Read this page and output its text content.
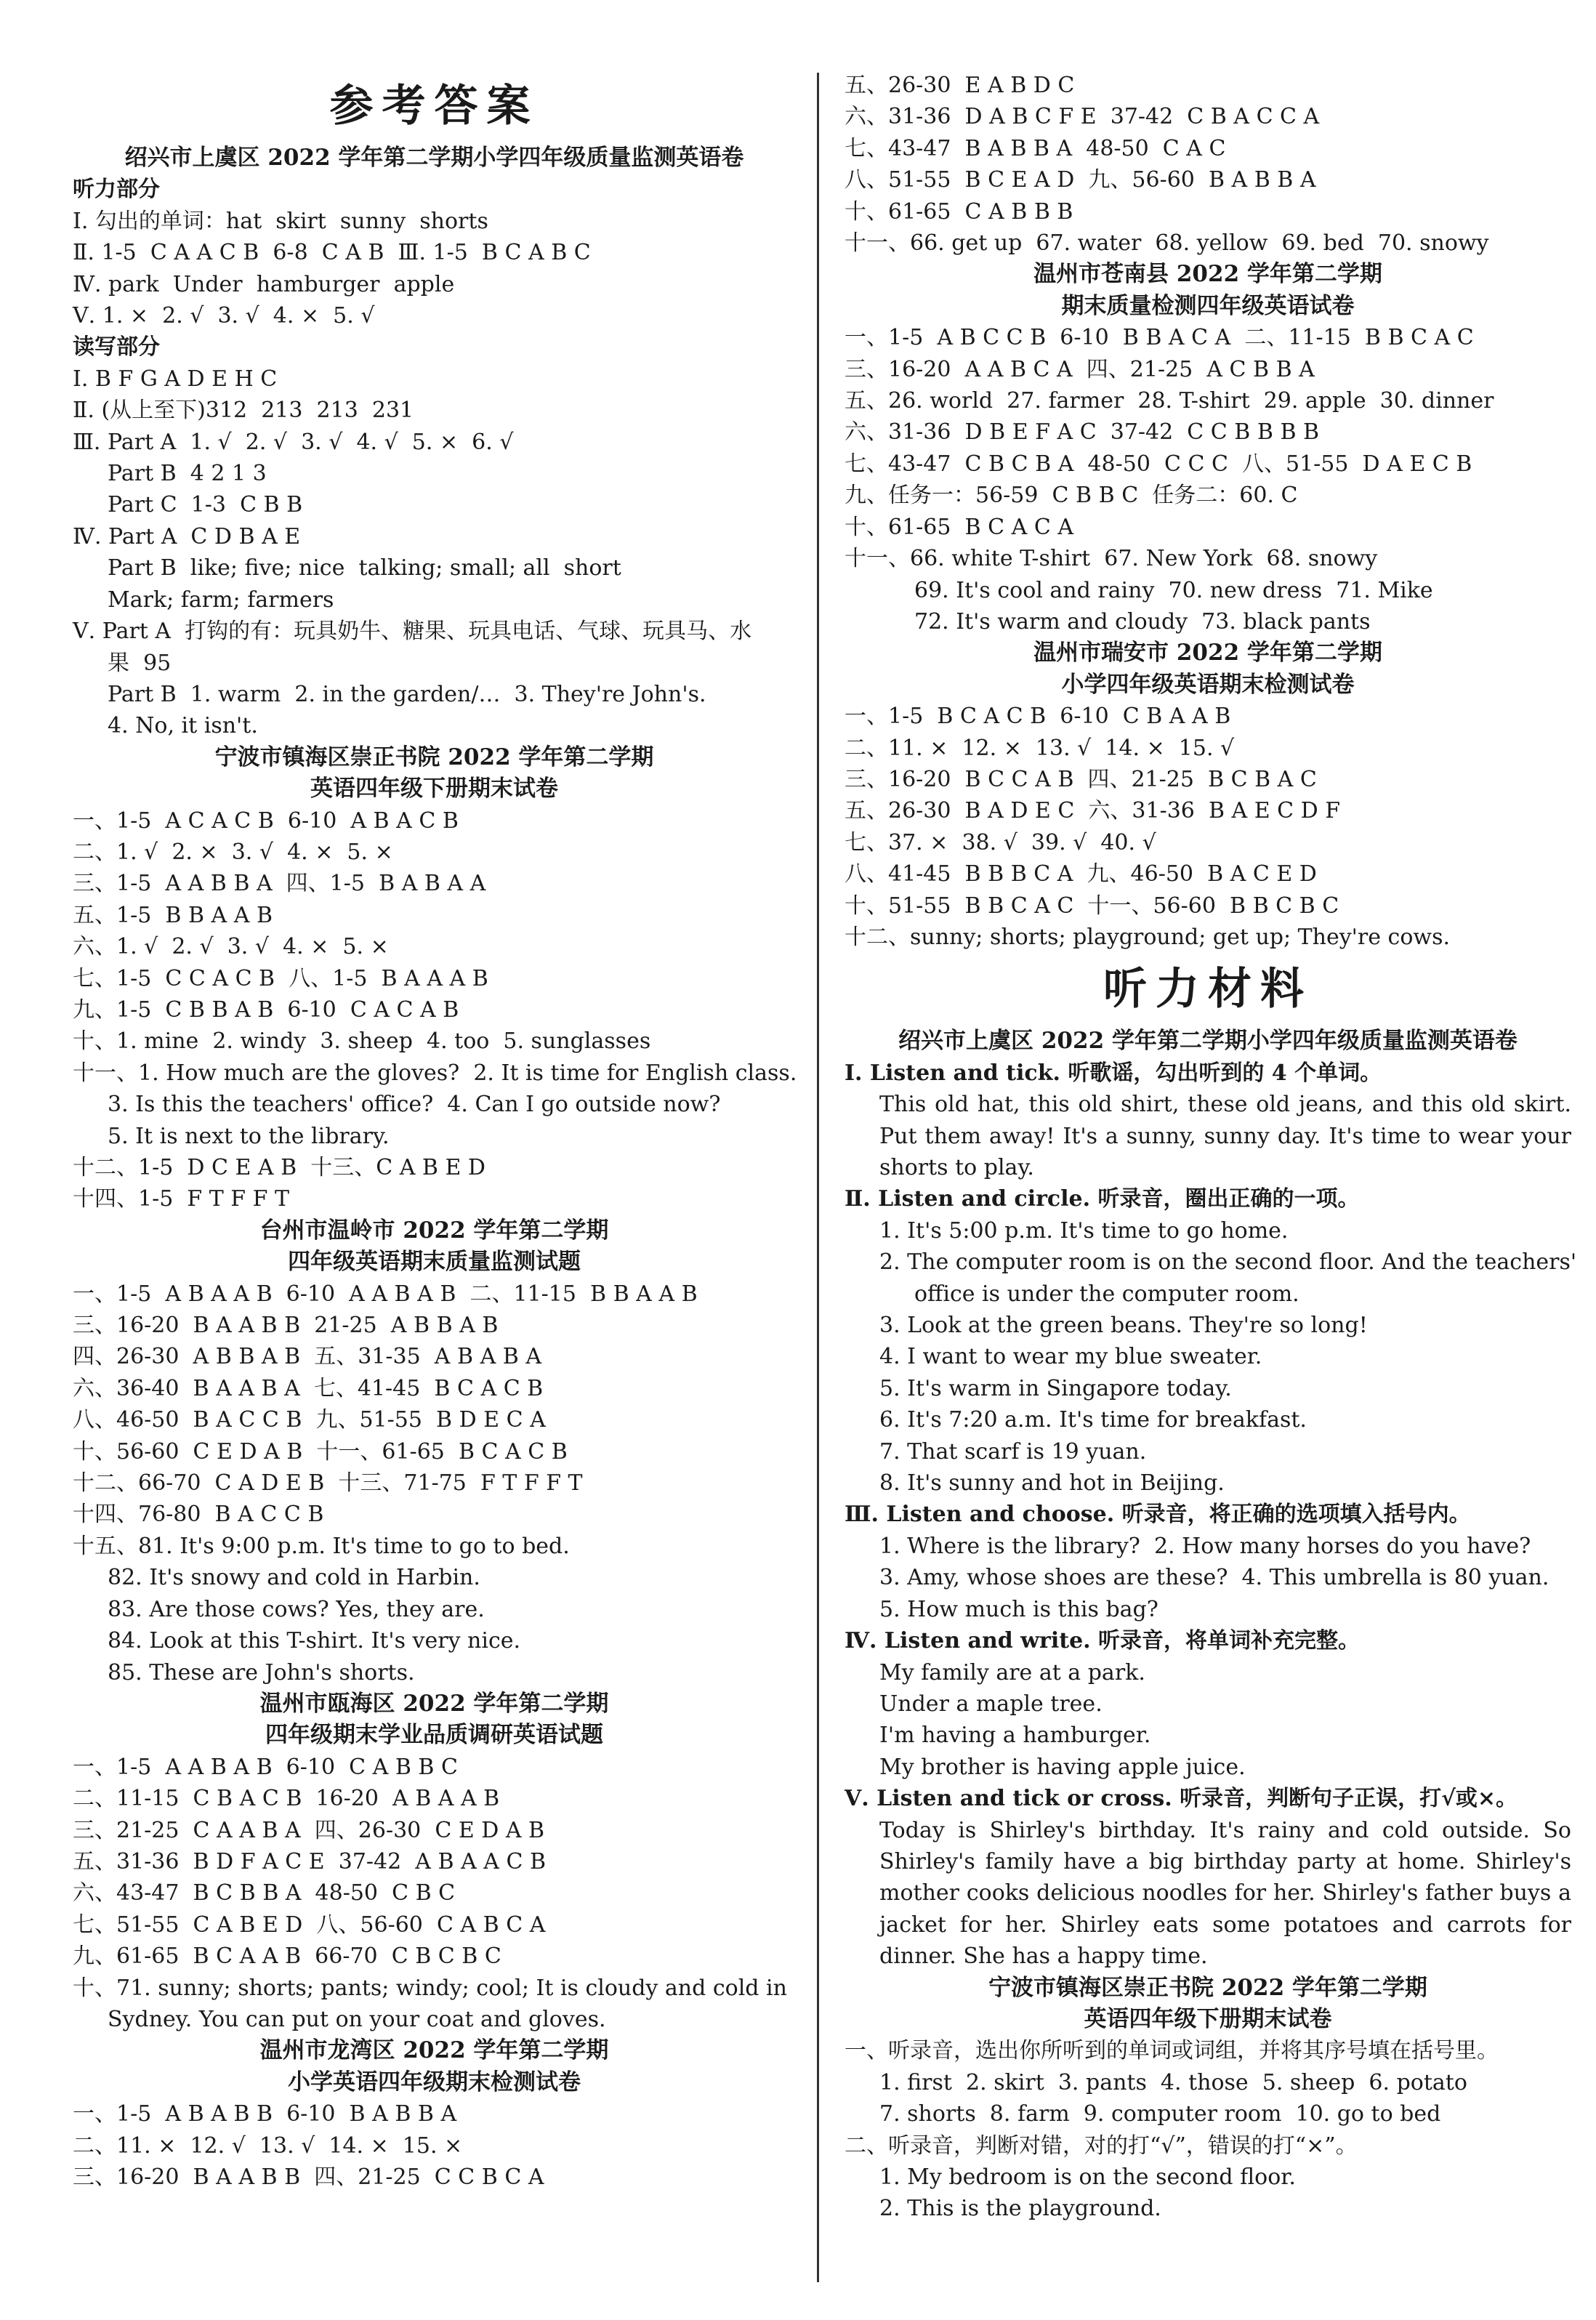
参考答案
绍兴市上虞区 2022 学年第二学期小学四年级质量监测英语卷
听力部分
Ⅰ. 勾出的单词：hat  skirt  sunny  shorts
Ⅱ. 1-5  C A A C B  6-8  C A B  Ⅲ. 1-5  B C A B C
Ⅳ. park  Under  hamburger  apple
Ⅴ. 1. ×  2. √  3. √  4. ×  5. √
读写部分
Ⅰ. B F G A D E H C
Ⅱ. (从上至下)312  213  213  231
Ⅲ. Part A  1. √  2. √  3. √  4. √  5. ×  6. √
Part B  4 2 1 3
Part C  1-3  C B B
Ⅳ. Part A  C D B A E
Part B  like; five; nice  talking; small; all  short
Mark; farm; farmers
Ⅴ. Part A  打钩的有：玩具奶牛、糖果、玩具电话、气球、玩具马、水
果  95
Part B  1. warm  2. in the garden/…  3. They're John's.
4. No, it isn't.
宁波市镇海区崇正书院 2022 学年第二学期
英语四年级下册期末试卷
一、1-5  A C A C B  6-10  A B A C B
二、1. √  2. ×  3. √  4. ×  5. ×
三、1-5  A A B B A  四、1-5  B A B A A
五、1-5  B B A A B
六、1. √  2. √  3. √  4. ×  5. ×
七、1-5  C C A C B  八、1-5  B A A A B
九、1-5  C B B A B  6-10  C A C A B
十、1. mine  2. windy  3. sheep  4. too  5. sunglasses
十一、1. How much are the gloves?  2. It is time for English class.
3. Is this the teachers' office?  4. Can I go outside now?
5. It is next to the library.
十二、1-5  D C E A B  十三、C A B E D
十四、1-5  F T F F T
台州市温岭市 2022 学年第二学期
四年级英语期末质量监测试题
一、1-5  A B A A B  6-10  A A B A B  二、11-15  B B A A B
三、16-20  B A A B B  21-25  A B B A B
四、26-30  A B B A B  五、31-35  A B A B A
六、36-40  B A A B A  七、41-45  B C A C B
八、46-50  B A C C B  九、51-55  B D E C A
十、56-60  C E D A B  十一、61-65  B C A C B
十二、66-70  C A D E B  十三、71-75  F T F F T
十四、76-80  B A C C B
十五、81. It's 9:00 p.m. It's time to go to bed.
82. It's snowy and cold in Harbin.
83. Are those cows? Yes, they are.
84. Look at this T-shirt. It's very nice.
85. These are John's shorts.
温州市瓯海区 2022 学年第二学期
四年级期末学业品质调研英语试题
一、1-5  A A B A B  6-10  C A B B C
二、11-15  C B A C B  16-20  A B A A B
三、21-25  C A A B A  四、26-30  C E D A B
五、31-36  B D F A C E  37-42  A B A A C B
六、43-47  B C B B A  48-50  C B C
七、51-55  C A B E D  八、56-60  C A B C A
九、61-65  B C A A B  66-70  C B C B C
十、71. sunny; shorts; pants; windy; cool; It is cloudy and cold in
Sydney. You can put on your coat and gloves.
温州市龙湾区 2022 学年第二学期
小学英语四年级期末检测试卷
一、1-5  A B A B B  6-10  B A B B A
二、11. ×  12. √  13. √  14. ×  15. ×
三、16-20  B A A B B  四、21-25  C C B C A
五、26-30  E A B D C
六、31-36  D A B C F E  37-42  C B A C C A
七、43-47  B A B B A  48-50  C A C
八、51-55  B C E A D  九、56-60  B A B B A
十、61-65  C A B B B
十一、66. get up  67. water  68. yellow  69. bed  70. snowy
温州市苍南县 2022 学年第二学期
期末质量检测四年级英语试卷
一、1-5  A B C C B  6-10  B B A C A  二、11-15  B B C A C
三、16-20  A A B C A  四、21-25  A C B B A
五、26. world  27. farmer  28. T-shirt  29. apple  30. dinner
六、31-36  D B E F A C  37-42  C C B B B B
七、43-47  C B C B A  48-50  C C C  八、51-55  D A E C B
九、任务一：56-59  C B B C  任务二：60. C
十、61-65  B C A C A
十一、66. white T-shirt  67. New York  68. snowy
69. It's cool and rainy  70. new dress  71. Mike
72. It's warm and cloudy  73. black pants
温州市瑞安市 2022 学年第二学期
小学四年级英语期末检测试卷
一、1-5  B C A C B  6-10  C B A A B
二、11. ×  12. ×  13. √  14. ×  15. √
三、16-20  B C C A B  四、21-25  B C B A C
五、26-30  B A D E C  六、31-36  B A E C D F
七、37. ×  38. √  39. √  40. √
八、41-45  B B B C A  九、46-50  B A C E D
十、51-55  B B C A C  十一、56-60  B B C B C
十二、sunny; shorts; playground; get up; They're cows.
听力材料
绍兴市上虞区 2022 学年第二学期小学四年级质量监测英语卷
Ⅰ. Listen and tick. 听歌谣，勾出听到的 4 个单词。
This old hat, this old shirt, these old jeans, and this old skirt. Put them away! It's a sunny, sunny day. It's time to wear your shorts to play.
Ⅱ. Listen and circle. 听录音，圈出正确的一项。
1. It's 5:00 p.m. It's time to go home.
2. The computer room is on the second floor. And the teachers'
office is under the computer room.
3. Look at the green beans. They're so long!
4. I want to wear my blue sweater.
5. It's warm in Singapore today.
6. It's 7:20 a.m. It's time for breakfast.
7. That scarf is 19 yuan.
8. It's sunny and hot in Beijing.
Ⅲ. Listen and choose. 听录音，将正确的选项填入括号内。
1. Where is the library?  2. How many horses do you have?
3. Amy, whose shoes are these?  4. This umbrella is 80 yuan.
5. How much is this bag?
Ⅳ. Listen and write. 听录音，将单词补充完整。
My family are at a park.
Under a maple tree.
I'm having a hamburger.
My brother is having apple juice.
Ⅴ. Listen and tick or cross. 听录音，判断句子正误，打√或×。
Today is Shirley's birthday. It's rainy and cold outside. So Shirley's family have a big birthday party at home. Shirley's mother cooks delicious noodles for her. Shirley's father buys a jacket for her. Shirley eats some potatoes and carrots for dinner. She has a happy time.
宁波市镇海区崇正书院 2022 学年第二学期
英语四年级下册期末试卷
一、听录音，选出你所听到的单词或词组，并将其序号填在括号里。
1. first  2. skirt  3. pants  4. those  5. sheep  6. potato
7. shorts  8. farm  9. computer room  10. go to bed
二、听录音，判断对错，对的打“√”，错误的打“×”。
1. My bedroom is on the second floor.
2. This is the playground.
